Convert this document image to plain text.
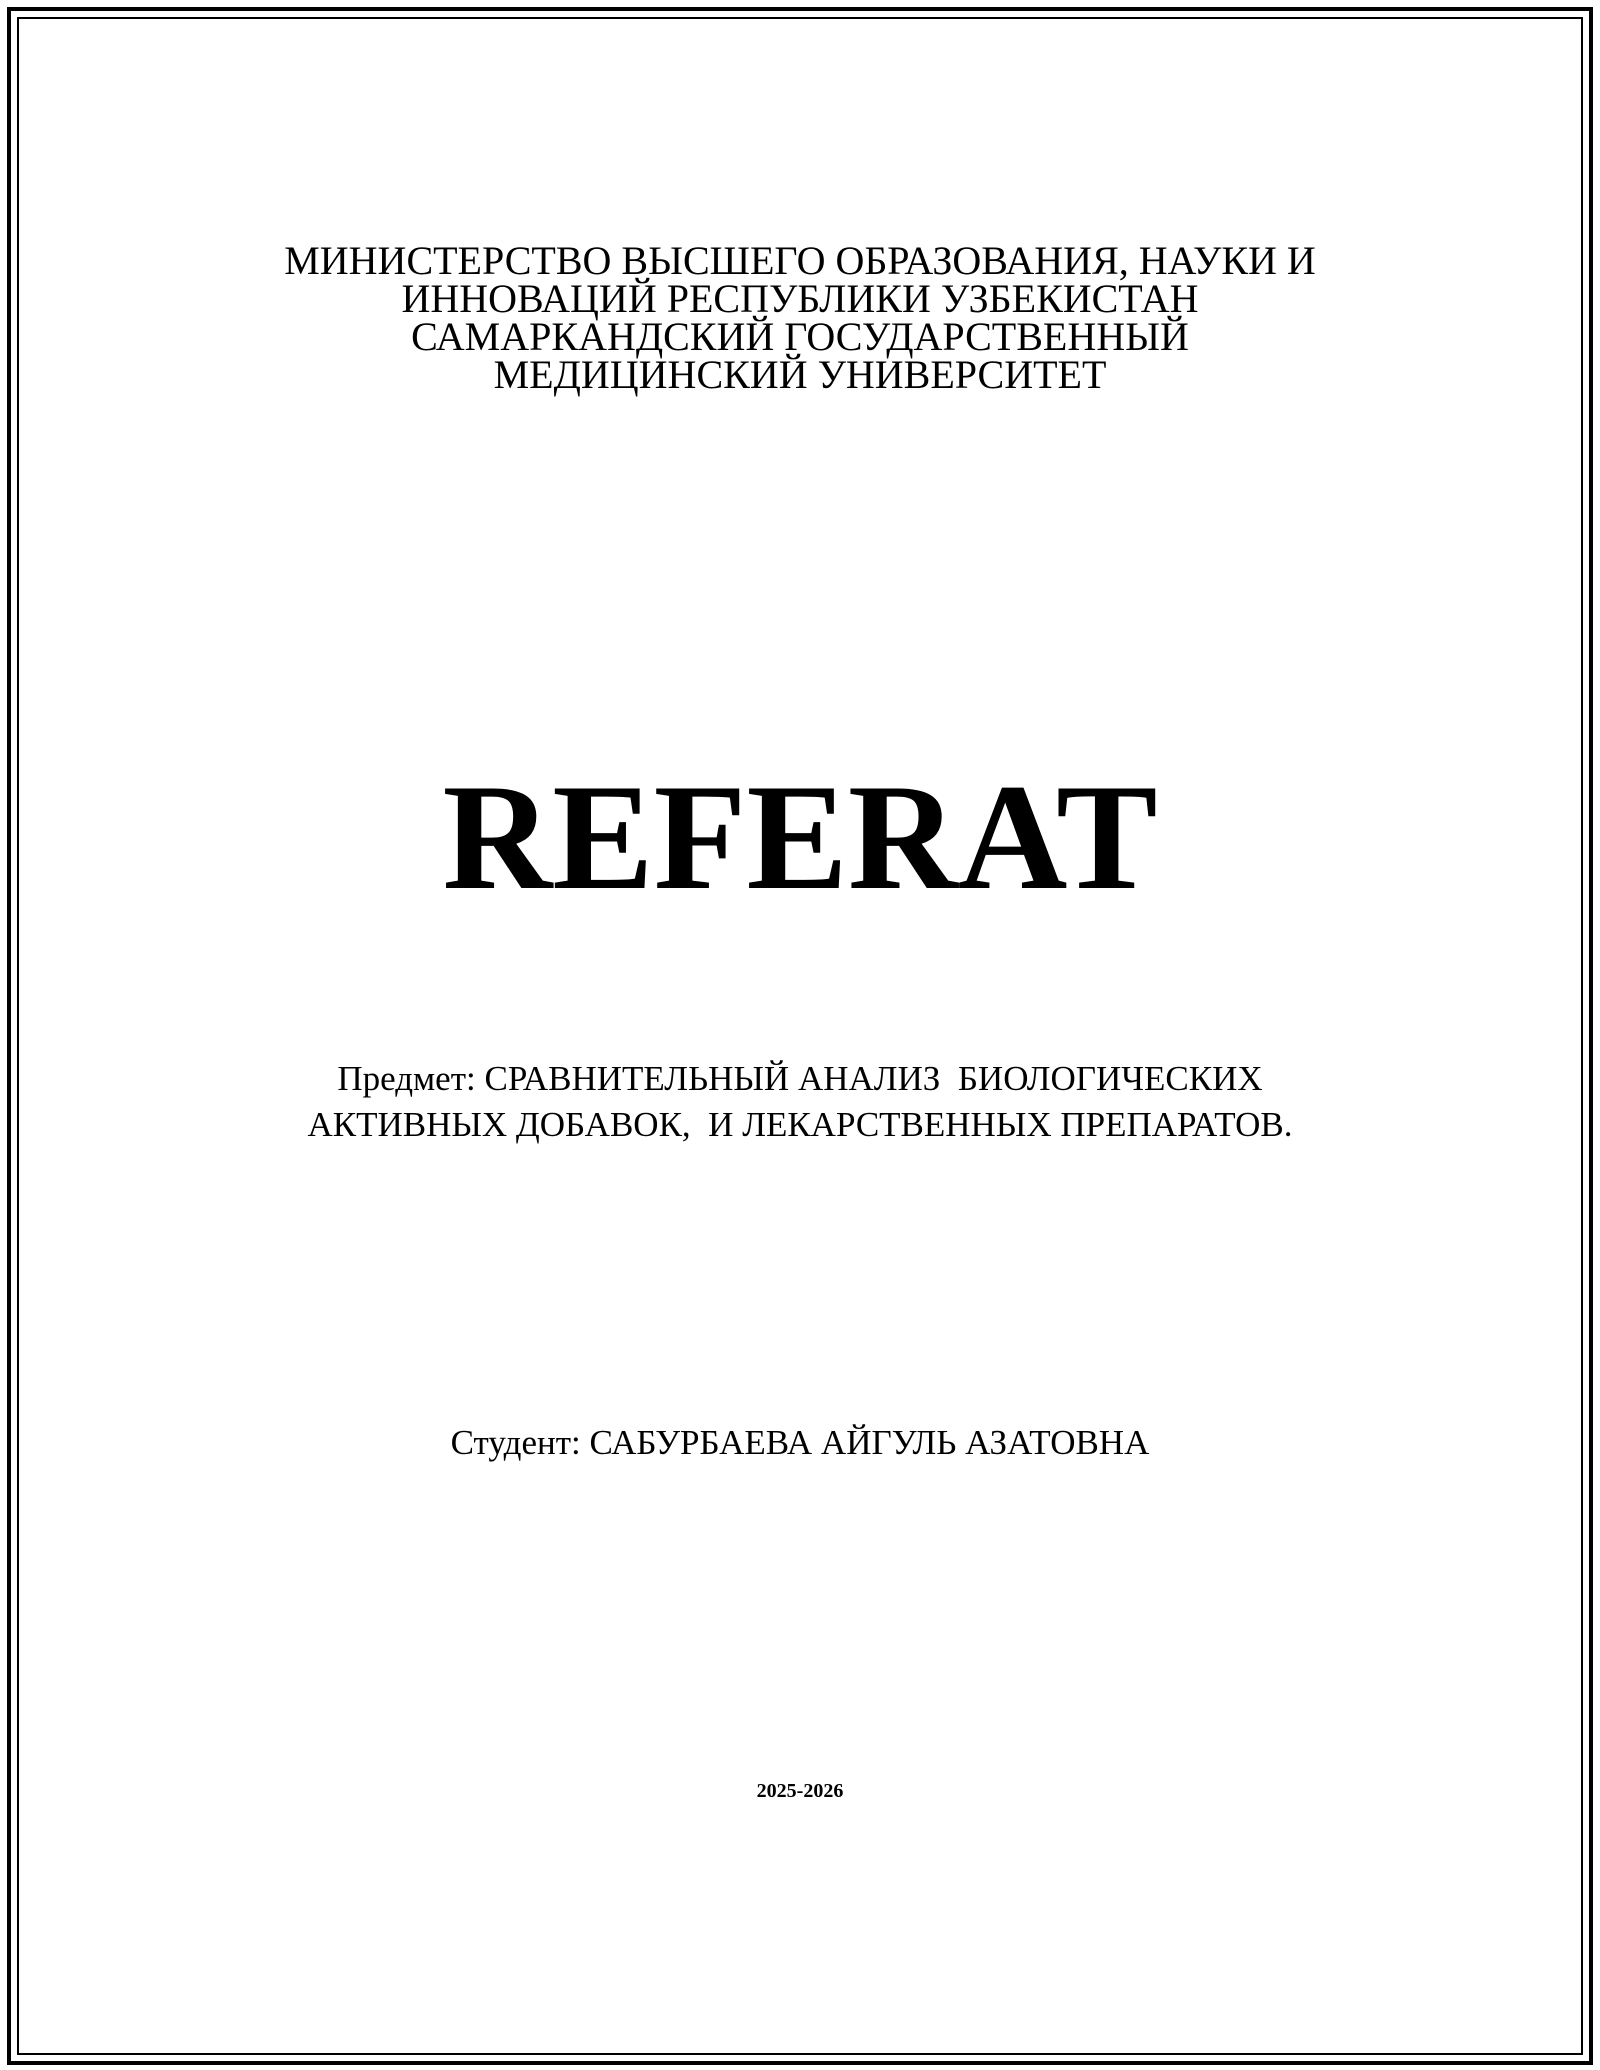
МИНИСТЕРСТВО ВЫСШЕГО ОБРАЗОВАНИЯ, НАУКИ И
ИННОВАЦИЙ РЕСПУБЛИКИ УЗБЕКИСТАН
САМАРКАНДСКИЙ ГОСУДАРСТВЕННЫЙ
МЕДИЦИНСКИЙ УНИВЕРСИТЕТ
REFERAT
Предмет: СРАВНИТЕЛЬНЫЙ АНАЛИЗ  БИОЛОГИЧЕСКИХ
АКТИВНЫХ ДОБАВОК,  И ЛЕКАРСТВЕННЫХ ПРЕПАРАТОВ.
Студент: САБУРБАЕВА АЙГУЛЬ АЗАТОВНА
2025-2026
